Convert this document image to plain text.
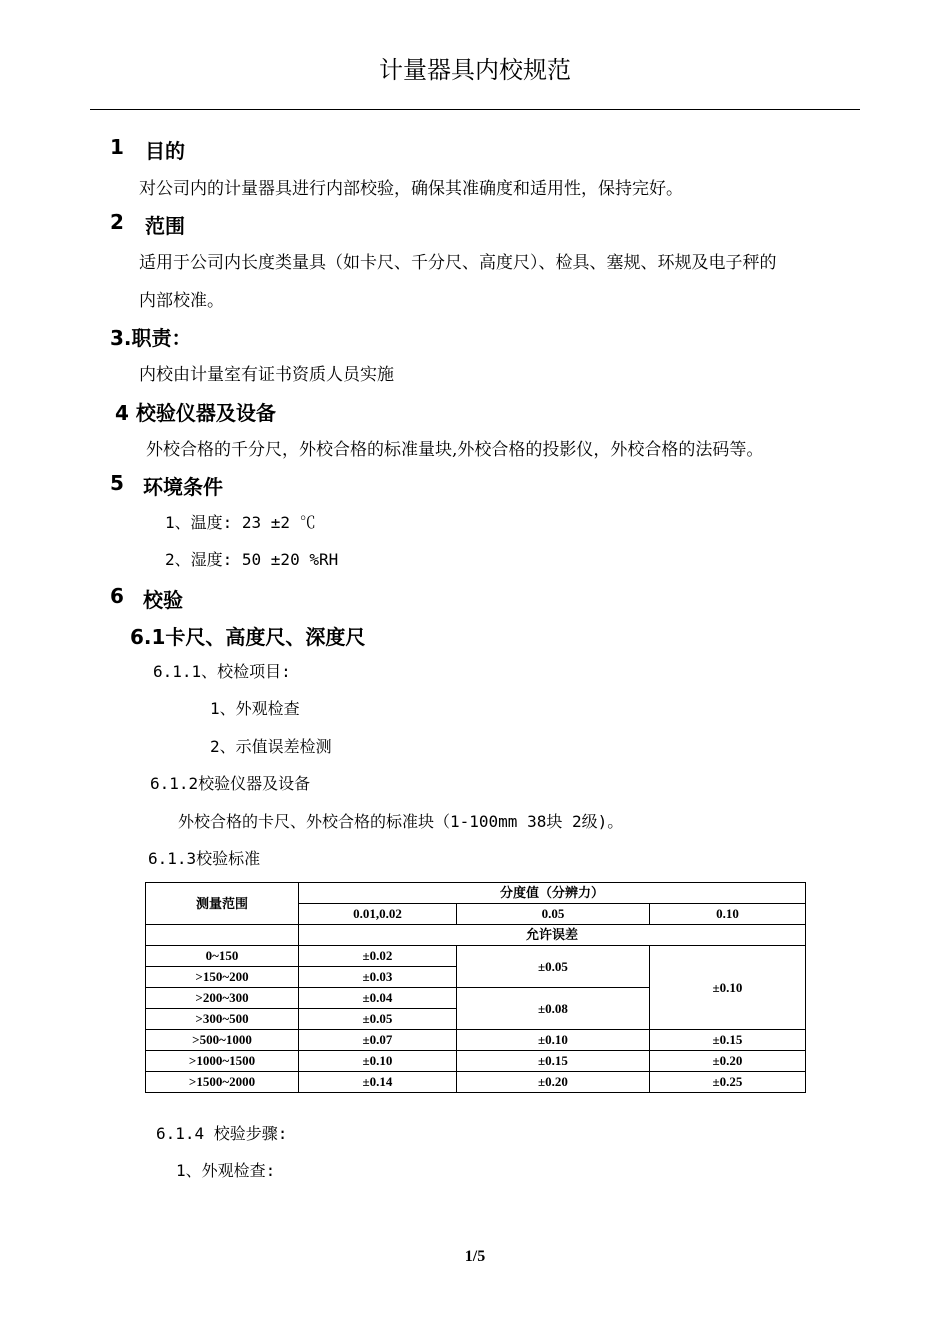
计量器具内校规范
1 目的
对公司内的计量器具进行内部校验，确保其准确度和适用性，保持完好。
2 范围
适用于公司内长度类量具（如卡尺、千分尺、高度尺）、检具、塞规、环规及电子秤的
内部校准。
3.职责：
内校由计量室有证书资质人员实施
4 校验仪器及设备
外校合格的千分尺，外校合格的标准量块,外校合格的投影仪，外校合格的法码等。
5 环境条件
1、温度: 23 ±2 ℃
2、湿度: 50 ±20 %RH
6 校验
6.1卡尺、高度尺、深度尺
6.1.1、校检项目:
1、外观检查
2、示值误差检测
6.1.2校验仪器及设备
外校合格的卡尺、外校合格的标准块（1-100mm 38块 2级)。
6.1.3校验标准
测量范围	分度值（分辨力）		
	0.01,0.02	0.05	0.10
	允许误差		
0~150	±0.02	±0.05	±0.10
>150~200	±0.03		
>200~300	±0.04	±0.08	
>300~500	±0.05		
>500~1000	±0.07	±0.10	±0.15
>1000~1500	±0.10	±0.15	±0.20
>1500~2000	±0.14	±0.20	±0.25
6.1.4 校验步骤:
1、外观检查:
1/5
